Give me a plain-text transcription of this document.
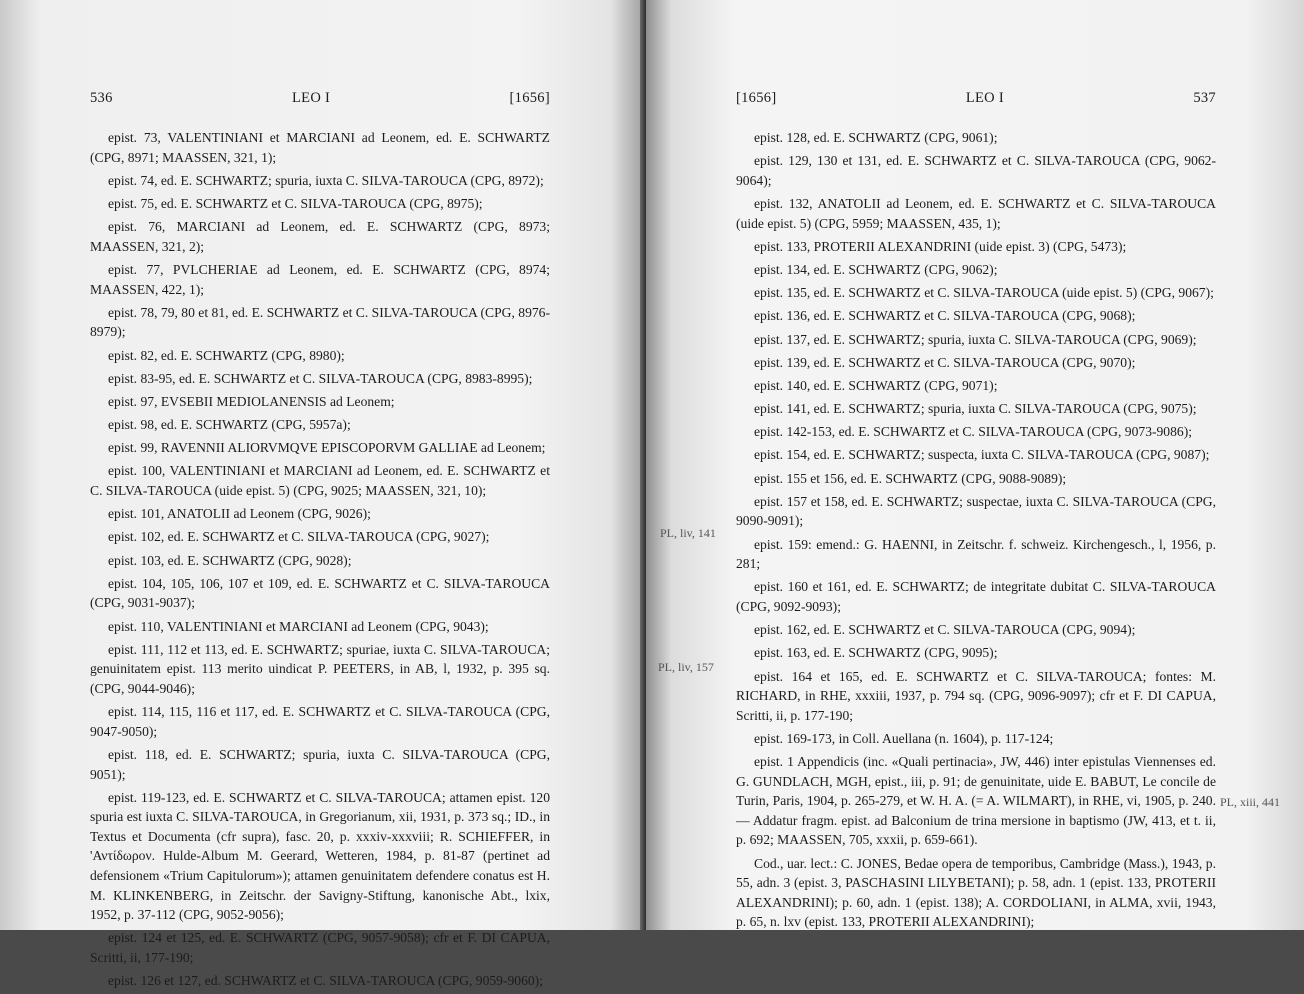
536	LEO I	[1656]

epist. 73, VALENTINIANI et MARCIANI ad Leonem, ed. E. SCHWARTZ (CPG, 8971; MAASSEN, 321, 1);

epist. 74, ed. E. SCHWARTZ; spuria, iuxta C. SILVA-TAROUCA (CPG, 8972);

epist. 75, ed. E. SCHWARTZ et C. SILVA-TAROUCA (CPG, 8975);

epist. 76, MARCIANI ad Leonem, ed. E. SCHWARTZ (CPG, 8973; MAASSEN, 321, 2);

epist. 77, PVLCHERIAE ad Leonem, ed. E. SCHWARTZ (CPG, 8974; MAASSEN, 422, 1);

epist. 78, 79, 80 et 81, ed. E. SCHWARTZ et C. SILVA-TAROUCA (CPG, 8976-8979);

epist. 82, ed. E. SCHWARTZ (CPG, 8980);

epist. 83-95, ed. E. SCHWARTZ et C. SILVA-TAROUCA (CPG, 8983-8995);

epist. 97, EVSEBII MEDIOLANENSIS ad Leonem;

epist. 98, ed. E. SCHWARTZ (CPG, 5957a);

epist. 99, RAVENNII ALIORVMQVE EPISCOPORVM GALLIAE ad Leonem;

epist. 100, VALENTINIANI et MARCIANI ad Leonem, ed. E. SCHWARTZ et C. SILVA-TAROUCA (uide epist. 5) (CPG, 9025; MAASSEN, 321, 10);

epist. 101, ANATOLII ad Leonem (CPG, 9026);

epist. 102, ed. E. SCHWARTZ et C. SILVA-TAROUCA (CPG, 9027);

epist. 103, ed. E. SCHWARTZ (CPG, 9028);

epist. 104, 105, 106, 107 et 109, ed. E. SCHWARTZ et C. SILVA-TAROUCA (CPG, 9031-9037);

epist. 110, VALENTINIANI et MARCIANI ad Leonem (CPG, 9043);

epist. 111, 112 et 113, ed. E. SCHWARTZ; spuriae, iuxta C. SILVA-TAROUCA; genuinitatem epist. 113 merito uindicat P. PEETERS, in AB, l, 1932, p. 395 sq. (CPG, 9044-9046);

epist. 114, 115, 116 et 117, ed. E. SCHWARTZ et C. SILVA-TAROUCA (CPG, 9047-9050);

epist. 118, ed. E. SCHWARTZ; spuria, iuxta C. SILVA-TAROUCA (CPG, 9051);

epist. 119-123, ed. E. SCHWARTZ et C. SILVA-TAROUCA; attamen epist. 120 spuria est iuxta C. SILVA-TAROUCA, in Gregorianum, xii, 1931, p. 373 sq.; ID., in Textus et Documenta (cfr supra), fasc. 20, p. xxxiv-xxxviii; R. SCHIEFFER, in 'Αντίδωρον. Hulde-Album M. Geerard, Wetteren, 1984, p. 81-87 (pertinet ad defensionem «Trium Capitulorum»); attamen genuinitatem defendere conatus est H. M. KLINKENBERG, in Zeitschr. der Savigny-Stiftung, kanonische Abt., lxix, 1952, p. 37-112 (CPG, 9052-9056);

epist. 124 et 125, ed. E. SCHWARTZ (CPG, 9057-9058); cfr et F. DI CAPUA, Scritti, ii, 177-190;

epist. 126 et 127, ed. SCHWARTZ et C. SILVA-TAROUCA (CPG, 9059-9060);

[1656]	LEO I	537
PL, liv, 141
PL, liv, 157
PL, xiii, 441

epist. 128, ed. E. SCHWARTZ (CPG, 9061);

epist. 129, 130 et 131, ed. E. SCHWARTZ et C. SILVA-TAROUCA (CPG, 9062-9064);

epist. 132, ANATOLII ad Leonem, ed. E. SCHWARTZ et C. SILVA-TAROUCA (uide epist. 5) (CPG, 5959; MAASSEN, 435, 1);

epist. 133, PROTERII ALEXANDRINI (uide epist. 3) (CPG, 5473);

epist. 134, ed. E. SCHWARTZ (CPG, 9062);

epist. 135, ed. E. SCHWARTZ et C. SILVA-TAROUCA (uide epist. 5) (CPG, 9067);

epist. 136, ed. E. SCHWARTZ et C. SILVA-TAROUCA (CPG, 9068);

epist. 137, ed. E. SCHWARTZ; spuria, iuxta C. SILVA-TAROUCA (CPG, 9069);

epist. 139, ed. E. SCHWARTZ et C. SILVA-TAROUCA (CPG, 9070);

epist. 140, ed. E. SCHWARTZ (CPG, 9071);

epist. 141, ed. E. SCHWARTZ; spuria, iuxta C. SILVA-TAROUCA (CPG, 9075);

epist. 142-153, ed. E. SCHWARTZ et C. SILVA-TAROUCA (CPG, 9073-9086);

epist. 154, ed. E. SCHWARTZ; suspecta, iuxta C. SILVA-TAROUCA (CPG, 9087);

epist. 155 et 156, ed. E. SCHWARTZ (CPG, 9088-9089);

epist. 157 et 158, ed. E. SCHWARTZ; suspectae, iuxta C. SILVA-TAROUCA (CPG, 9090-9091);

epist. 159: emend.: G. HAENNI, in Zeitschr. f. schweiz. Kirchengesch., l, 1956, p. 281;

epist. 160 et 161, ed. E. SCHWARTZ; de integritate dubitat C. SILVA-TAROUCA (CPG, 9092-9093);

epist. 162, ed. E. SCHWARTZ et C. SILVA-TAROUCA (CPG, 9094);

epist. 163, ed. E. SCHWARTZ (CPG, 9095);

epist. 164 et 165, ed. E. SCHWARTZ et C. SILVA-TAROUCA; fontes: M. RICHARD, in RHE, xxxiii, 1937, p. 794 sq. (CPG, 9096-9097); cfr et F. DI CAPUA, Scritti, ii, p. 177-190;

epist. 169-173, in Coll. Auellana (n. 1604), p. 117-124;

epist. 1 Appendicis (inc. «Quali pertinacia», JW, 446) inter epistulas Viennenses ed. G. GUNDLACH, MGH, epist., iii, p. 91; de genuinitate, uide E. BABUT, Le concile de Turin, Paris, 1904, p. 265-279, et W. H. A. (= A. WILMART), in RHE, vi, 1905, p. 240. — Addatur fragm. epist. ad Balconium de trina mersione in baptismo (JW, 413, et t. ii, p. 692; MAASSEN, 705, xxxii, p. 659-661).

Cod., uar. lect.: C. JONES, Bedae opera de temporibus, Cambridge (Mass.), 1943, p. 55, adn. 3 (epist. 3, PASCHASINI LILYBETANI); p. 58, adn. 1 (epist. 133, PROTERII ALEXANDRINI); p. 60, adn. 1 (epist. 138); A. CORDOLIANI, in ALMA, xvii, 1943, p. 65, n. lxv (epist. 133, PROTERII ALEXANDRINI);
